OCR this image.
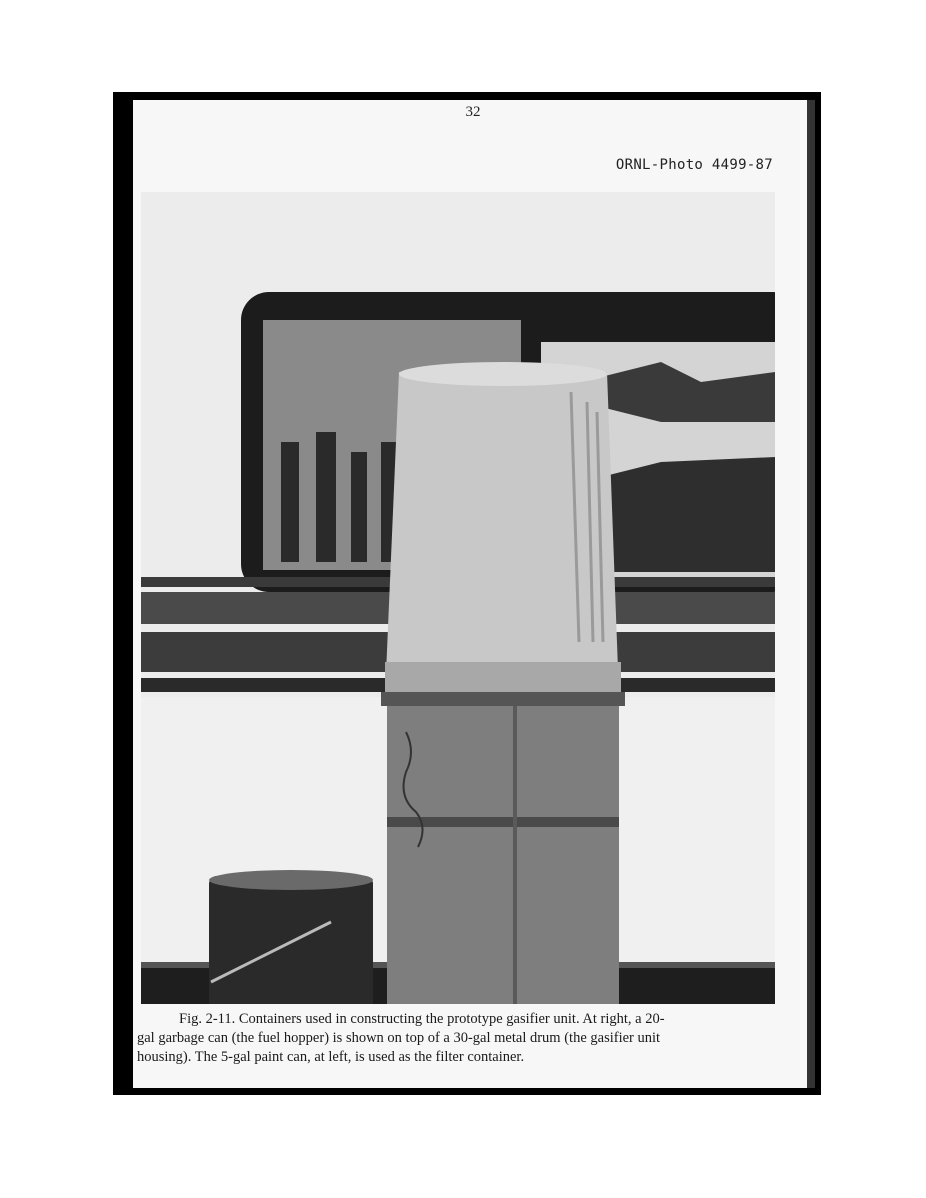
32
ORNL-Photo 4499-87
Fig. 2-11. Containers used in constructing the prototype gasifier unit. At right, a 20-
gal garbage can (the fuel hopper) is shown on top of a 30-gal metal drum (the gasifier unit
housing). The 5-gal paint can, at left, is used as the filter container.
